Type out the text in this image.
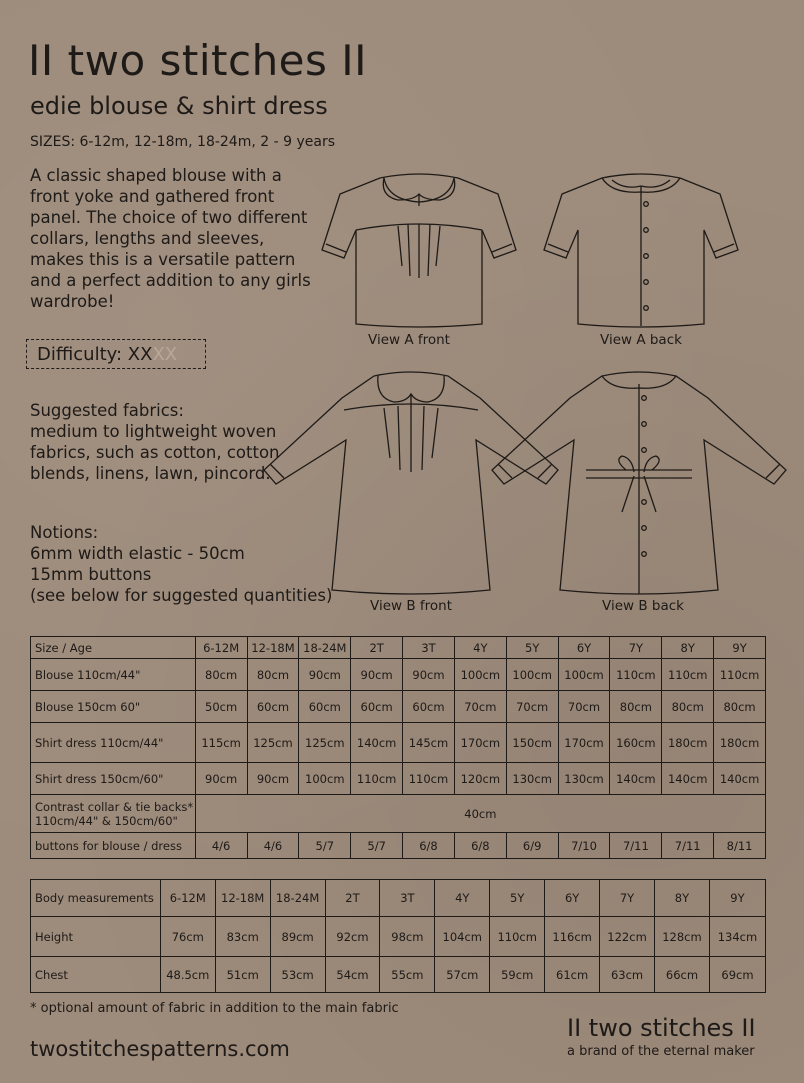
II two stitches II
edie blouse & shirt dress
SIZES: 6-12m, 12-18m, 18-24m, 2 - 9 years
A classic shaped blouse with a front yoke and gathered front panel. The choice of two different collars, lengths and sleeves, makes this is a versatile pattern and a perfect addition to any girls wardrobe!
Difficulty: XXXX
Suggested fabrics:
medium to lightweight woven fabrics, such as cotton, cotton blends, linens, lawn, pincord.
Notions:
6mm width elastic - 50cm
15mm buttons
(see below for suggested quantities)
View A front	View A back
View B front	View B back
Size / Age	6-12M	12-18M	18-24M	2T	3T	4Y	5Y	6Y	7Y	8Y	9Y
Blouse 110cm/44"	80cm	80cm	90cm	90cm	90cm	100cm	100cm	100cm	110cm	110cm	110cm
Blouse 150cm 60"	50cm	60cm	60cm	60cm	60cm	70cm	70cm	70cm	80cm	80cm	80cm
Shirt dress 110cm/44"	115cm	125cm	125cm	140cm	145cm	170cm	150cm	170cm	160cm	180cm	180cm
Shirt dress 150cm/60"	90cm	90cm	100cm	110cm	110cm	120cm	130cm	130cm	140cm	140cm	140cm

Contrast collar & tie backs*
110cm/44" & 150cm/60"	40cm										
buttons for blouse / dress	4/6	4/6	5/7	5/7	6/8	6/8	6/9	7/10	7/11	7/11	8/11
Body measurements	6-12M	12-18M	18-24M	2T	3T	4Y	5Y	6Y	7Y	8Y	9Y
Height	76cm	83cm	89cm	92cm	98cm	104cm	110cm	116cm	122cm	128cm	134cm
Chest	48.5cm	51cm	53cm	54cm	55cm	57cm	59cm	61cm	63cm	66cm	69cm
* optional amount of fabric in addition to the main fabric
twostitchespatterns.com
II two stitches II
a brand of the eternal maker
